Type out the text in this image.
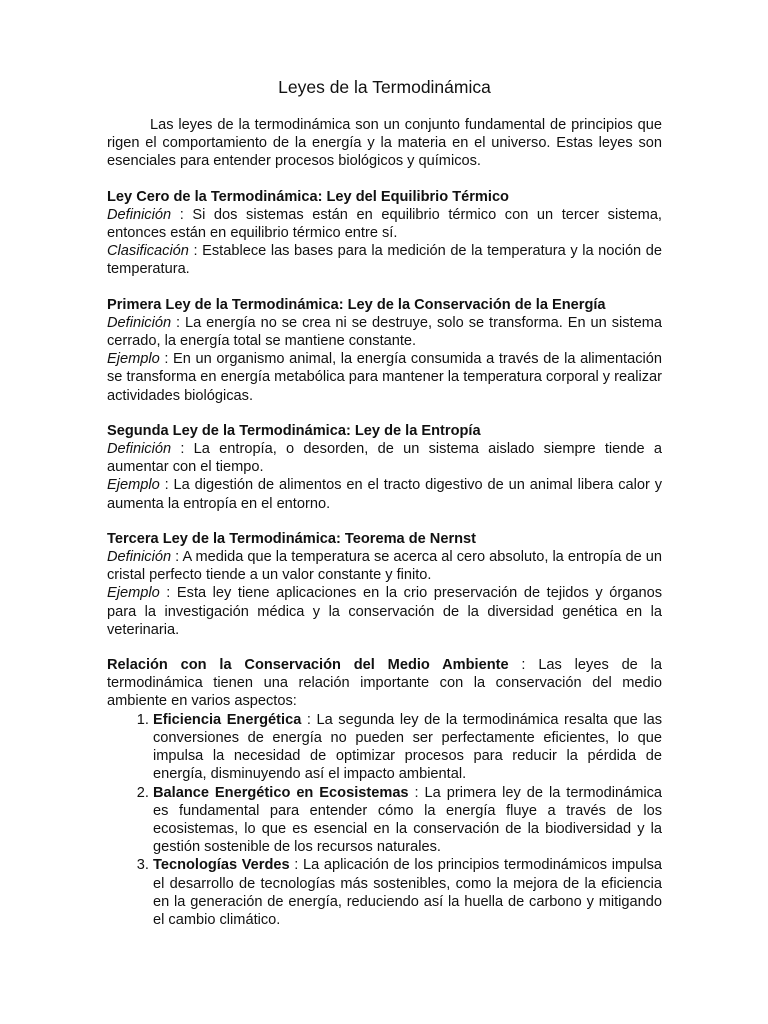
Leyes de la Termodinámica

Las leyes de la termodinámica son un conjunto fundamental de principios que rigen el comportamiento de la energía y la materia en el universo. Estas leyes son esenciales para entender procesos biológicos y químicos.

Ley Cero de la Termodinámica: Ley del Equilibrio Térmico

Definición : Si dos sistemas están en equilibrio térmico con un tercer sistema, entonces están en equilibrio térmico entre sí.

Clasificación : Establece las bases para la medición de la temperatura y la noción de temperatura.

Primera Ley de la Termodinámica: Ley de la Conservación de la Energía

Definición : La energía no se crea ni se destruye, solo se transforma. En un sistema cerrado, la energía total se mantiene constante.

Ejemplo : En un organismo animal, la energía consumida a través de la alimentación se transforma en energía metabólica para mantener la temperatura corporal y realizar actividades biológicas.

Segunda Ley de la Termodinámica: Ley de la Entropía

Definición : La entropía, o desorden, de un sistema aislado siempre tiende a aumentar con el tiempo.

Ejemplo : La digestión de alimentos en el tracto digestivo de un animal libera calor y aumenta la entropía en el entorno.

Tercera Ley de la Termodinámica: Teorema de Nernst

Definición : A medida que la temperatura se acerca al cero absoluto, la entropía de un cristal perfecto tiende a un valor constante y finito.

Ejemplo : Esta ley tiene aplicaciones en la crio preservación de tejidos y órganos para la investigación médica y la conservación de la diversidad genética en la veterinaria.

Relación con la Conservación del Medio Ambiente : Las leyes de la termodinámica tienen una relación importante con la conservación del medio ambiente en varios aspectos:

1. Eficiencia Energética : La segunda ley de la termodinámica resalta que las conversiones de energía no pueden ser perfectamente eficientes, lo que impulsa la necesidad de optimizar procesos para reducir la pérdida de energía, disminuyendo así el impacto ambiental.
2. Balance Energético en Ecosistemas : La primera ley de la termodinámica es fundamental para entender cómo la energía fluye a través de los ecosistemas, lo que es esencial en la conservación de la biodiversidad y la gestión sostenible de los recursos naturales.
3. Tecnologías Verdes : La aplicación de los principios termodinámicos impulsa el desarrollo de tecnologías más sostenibles, como la mejora de la eficiencia en la generación de energía, reduciendo así la huella de carbono y mitigando el cambio climático.
